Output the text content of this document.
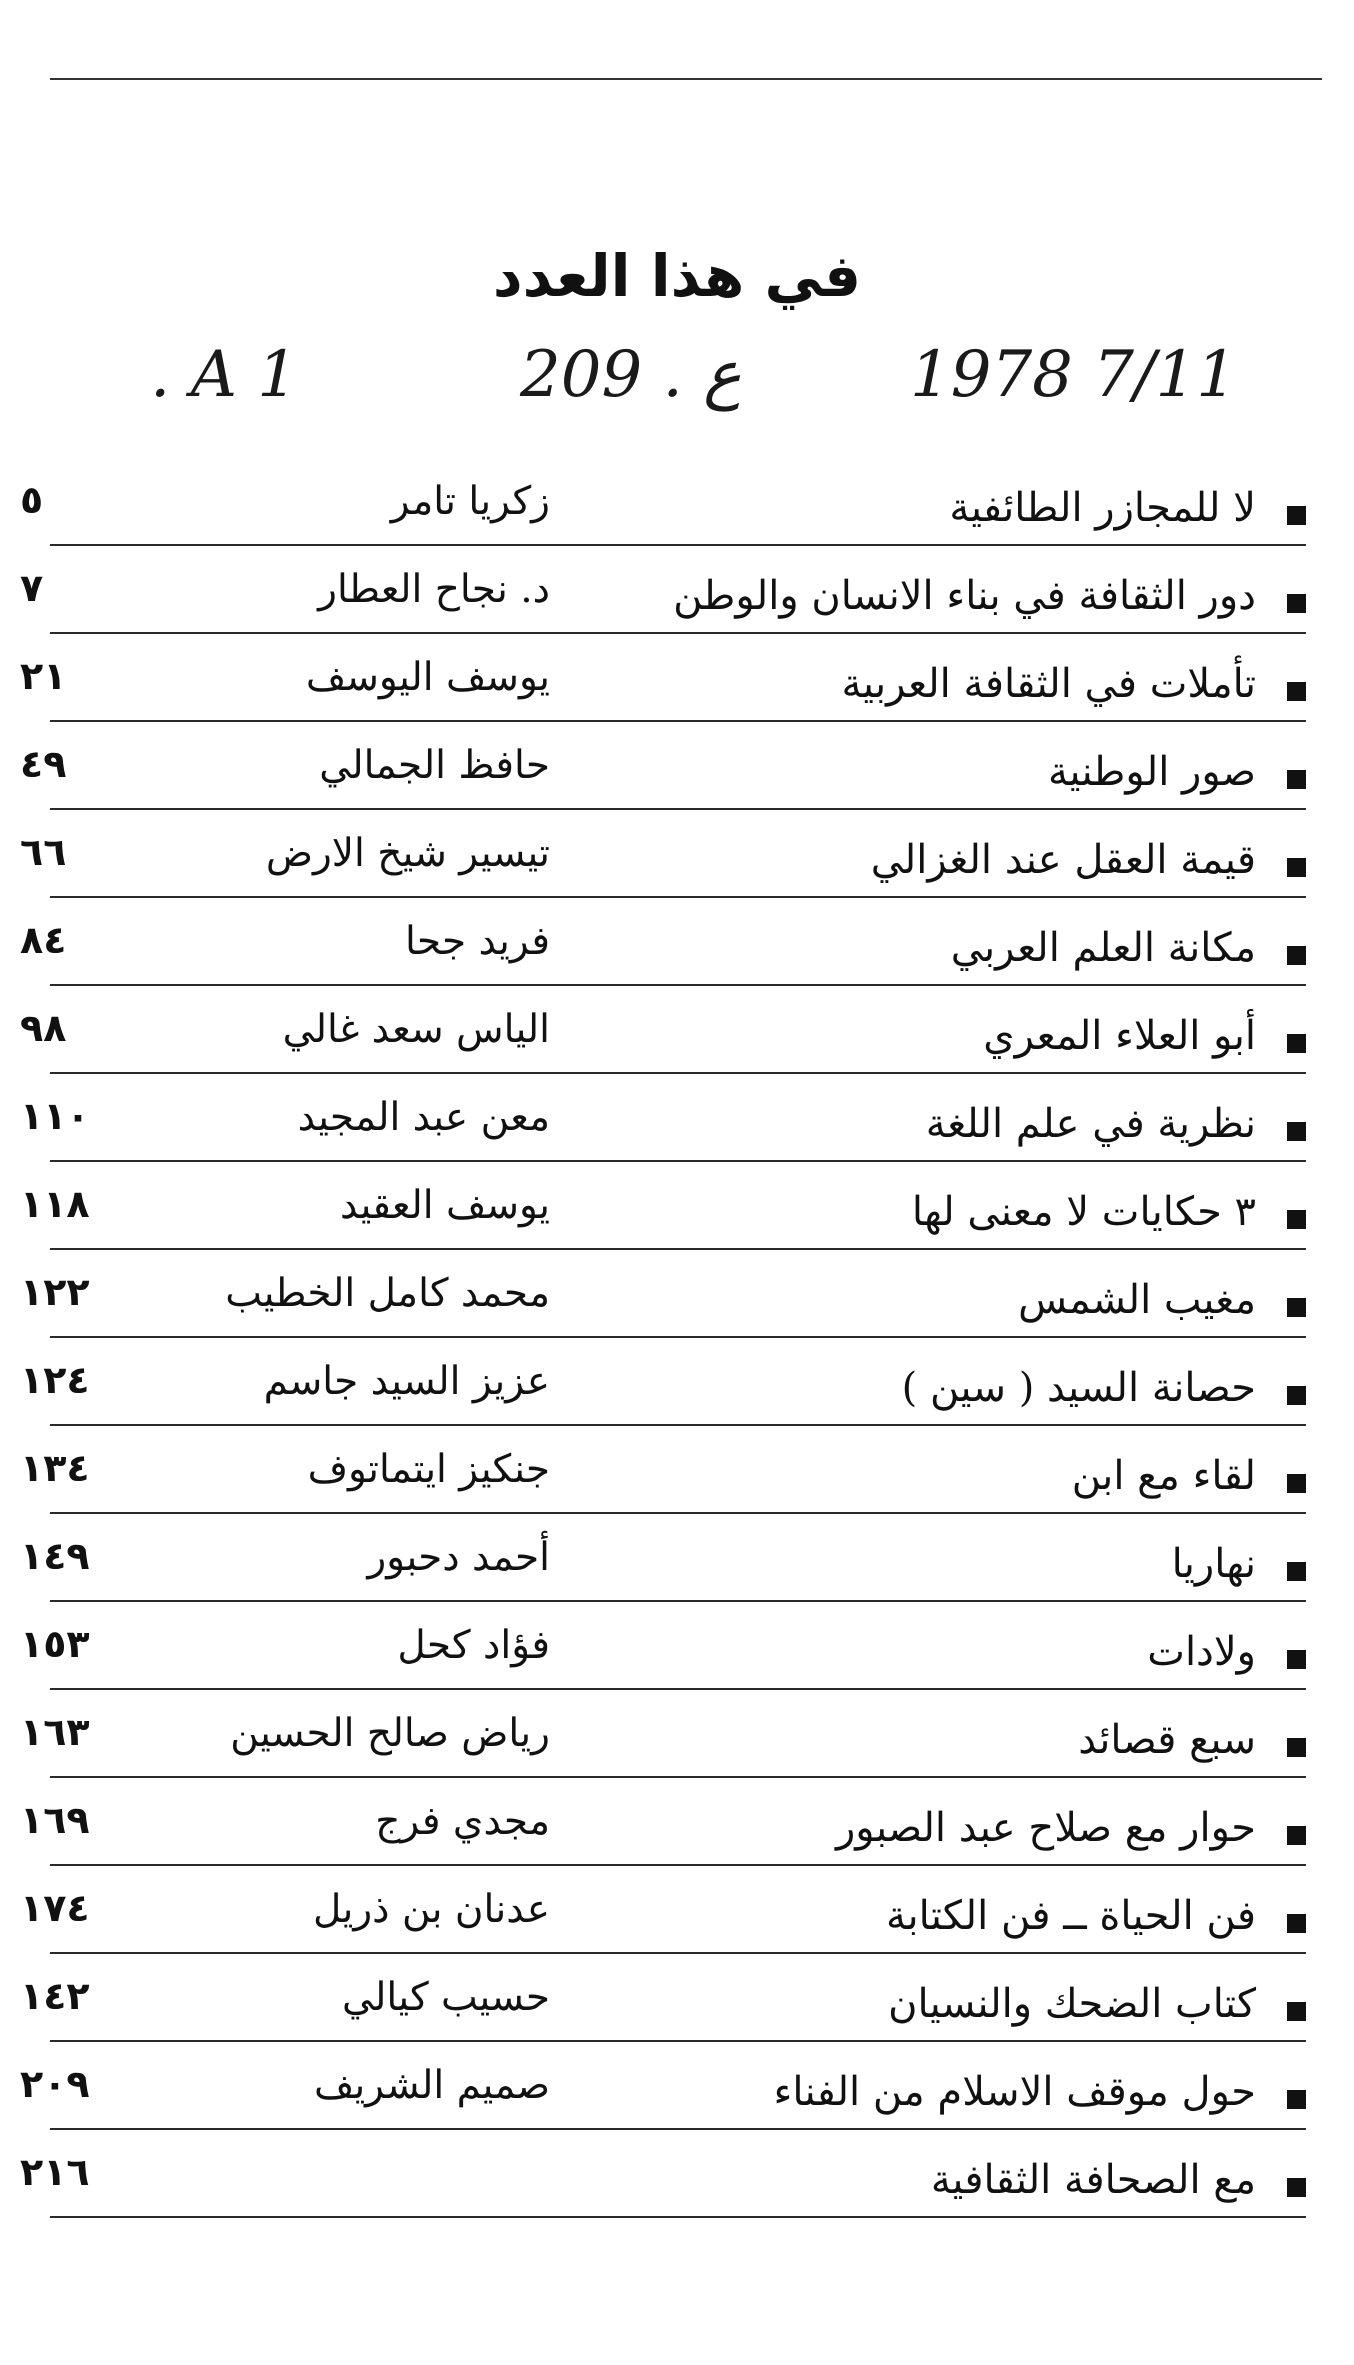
في هذا العدد
. A 1	209 . ع	1978 7/11
لا للمجازر الطائفية
زكريا تامر
٥
دور الثقافة في بناء الانسان والوطن
د. نجاح العطار
٧
تأملات في الثقافة العربية
يوسف اليوسف
٢١
صور الوطنية
حافظ الجمالي
٤٩
قيمة العقل عند الغزالي
تيسير شيخ الارض
٦٦
مكانة العلم العربي
فريد جحا
٨٤
أبو العلاء المعري
الياس سعد غالي
٩٨
نظرية في علم اللغة
معن عبد المجيد
١١٠
٣ حكايات لا معنى لها
يوسف العقيد
١١٨
مغيب الشمس
محمد كامل الخطيب
١٢٢
حصانة السيد ( سين )
عزيز السيد جاسم
١٢٤
لقاء مع ابن
جنكيز ايتماتوف
١٣٤
نهاريا
أحمد دحبور
١٤٩
ولادات
فؤاد كحل
١٥٣
سبع قصائد
رياض صالح الحسين
١٦٣
حوار مع صلاح عبد الصبور
مجدي فرج
١٦٩
فن الحياة ــ فن الكتابة
عدنان بن ذريل
١٧٤
كتاب الضحك والنسيان
حسيب كيالي
١٤٢
حول موقف الاسلام من الفناء
صميم الشريف
٢٠٩
مع الصحافة الثقافية
٢١٦
